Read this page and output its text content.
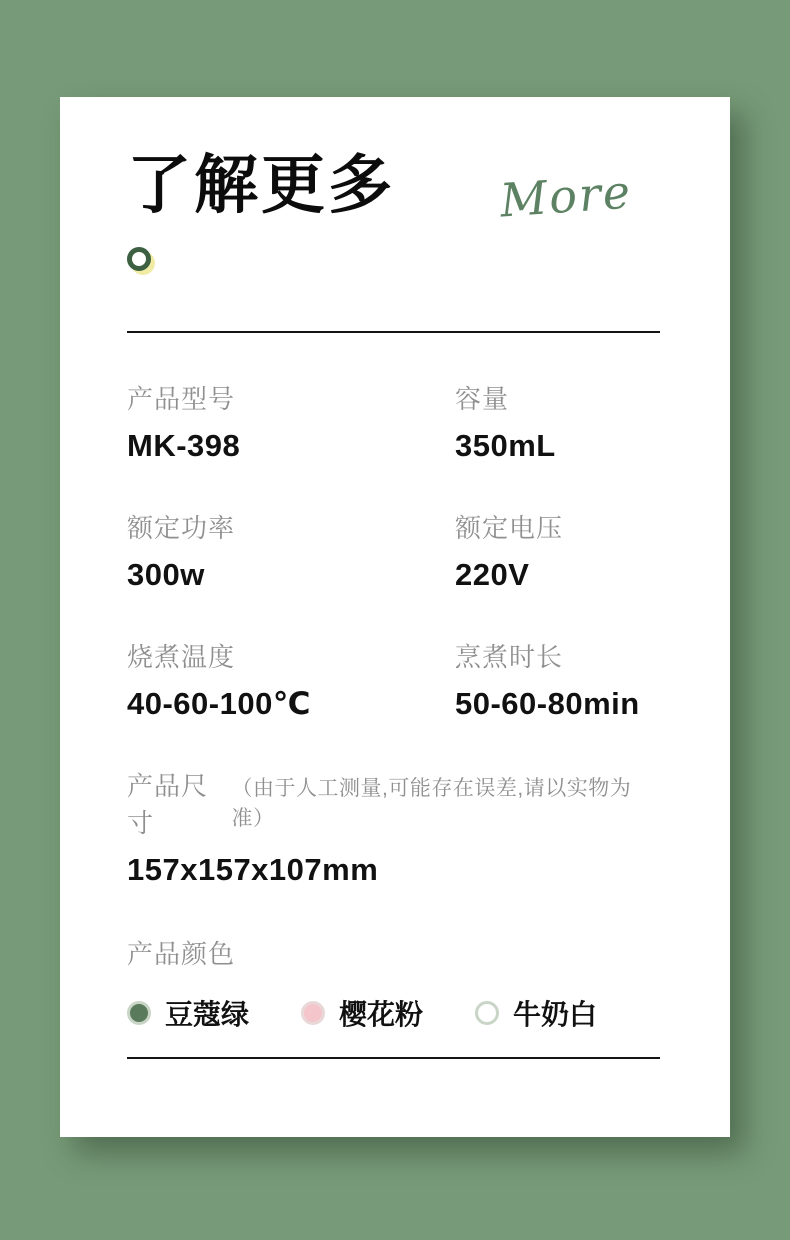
了解更多 More
产品型号
MK-398
容量
350mL
额定功率
300w
额定电压
220V
烧煮温度
40-60-100℃
烹煮时长
50-60-80min
产品尺寸
（由于人工测量,可能存在误差,请以实物为准）
157x157x107mm
产品颜色
豆蔻绿	樱花粉	牛奶白
